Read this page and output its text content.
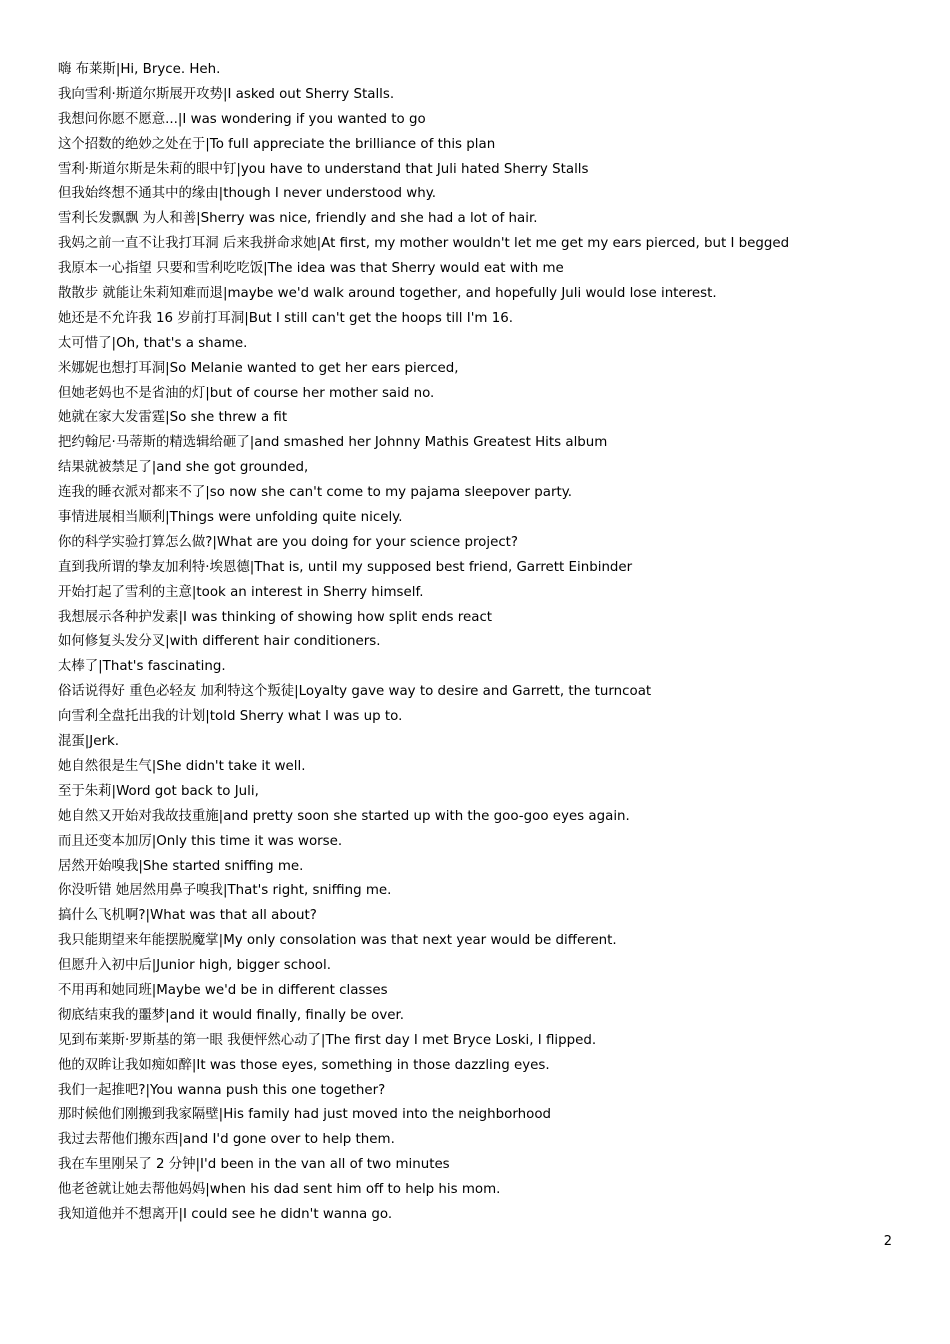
嗨 布莱斯|Hi, Bryce. Heh.
我向雪利·斯道尔斯展开攻势|I asked out Sherry Stalls.
我想问你愿不愿意...|I was wondering if you wanted to go
这个招数的绝妙之处在于|To full appreciate the brilliance of this plan
雪利·斯道尔斯是朱莉的眼中钉|you have to understand that Juli hated Sherry Stalls
但我始终想不通其中的缘由|though I never understood why.
雪利长发飘飘 为人和善|Sherry was nice, friendly and she had a lot of hair.
我妈之前一直不让我打耳洞 后来我拼命求她|At first, my mother wouldn't let me get my ears pierced, but I begged
我原本一心指望 只要和雪利吃吃饭|The idea was that Sherry would eat with me
散散步 就能让朱莉知难而退|maybe we'd walk around together, and hopefully Juli would lose interest.
她还是不允许我 16 岁前打耳洞|But I still can't get the hoops till I'm 16.
太可惜了|Oh, that's a shame.
米娜妮也想打耳洞|So Melanie wanted to get her ears pierced,
但她老妈也不是省油的灯|but of course her mother said no.
她就在家大发雷霆|So she threw a fit
把约翰尼·马蒂斯的精选辑给砸了|and smashed her Johnny Mathis Greatest Hits album
结果就被禁足了|and she got grounded,
连我的睡衣派对都来不了|so now she can't come to my pajama sleepover party.
事情进展相当顺利|Things were unfolding quite nicely.
你的科学实验打算怎么做?|What are you doing for your science project?
直到我所谓的挚友加利特·埃恩德|That is, until my supposed best friend, Garrett Einbinder
开始打起了雪利的主意|took an interest in Sherry himself.
我想展示各种护发素|I was thinking of showing how split ends react
如何修复头发分叉|with different hair conditioners.
太棒了|That's fascinating.
俗话说得好 重色必轻友 加利特这个叛徒|Loyalty gave way to desire and Garrett, the turncoat
向雪利全盘托出我的计划|told Sherry what I was up to.
混蛋|Jerk.
她自然很是生气|She didn't take it well.
至于朱莉|Word got back to Juli,
她自然又开始对我故技重施|and pretty soon she started up with the goo-goo eyes again.
而且还变本加厉|Only this time it was worse.
居然开始嗅我|She started sniffing me.
你没听错 她居然用鼻子嗅我|That's right, sniffing me.
搞什么飞机啊?|What was that all about?
我只能期望来年能摆脱魔掌|My only consolation was that next year would be different.
但愿升入初中后|Junior high, bigger school.
不用再和她同班|Maybe we'd be in different classes
彻底结束我的噩梦|and it would finally, finally be over.
见到布莱斯·罗斯基的第一眼 我便怦然心动了|The first day I met Bryce Loski, I flipped.
他的双眸让我如痴如醉|It was those eyes, something in those dazzling eyes.
我们一起推吧?|You wanna push this one together?
那时候他们刚搬到我家隔壁|His family had just moved into the neighborhood
我过去帮他们搬东西|and I'd gone over to help them.
我在车里刚呆了 2 分钟|I'd been in the van all of two minutes
他老爸就让她去帮他妈妈|when his dad sent him off to help his mom.
我知道他并不想离开|I could see he didn't wanna go.
2
